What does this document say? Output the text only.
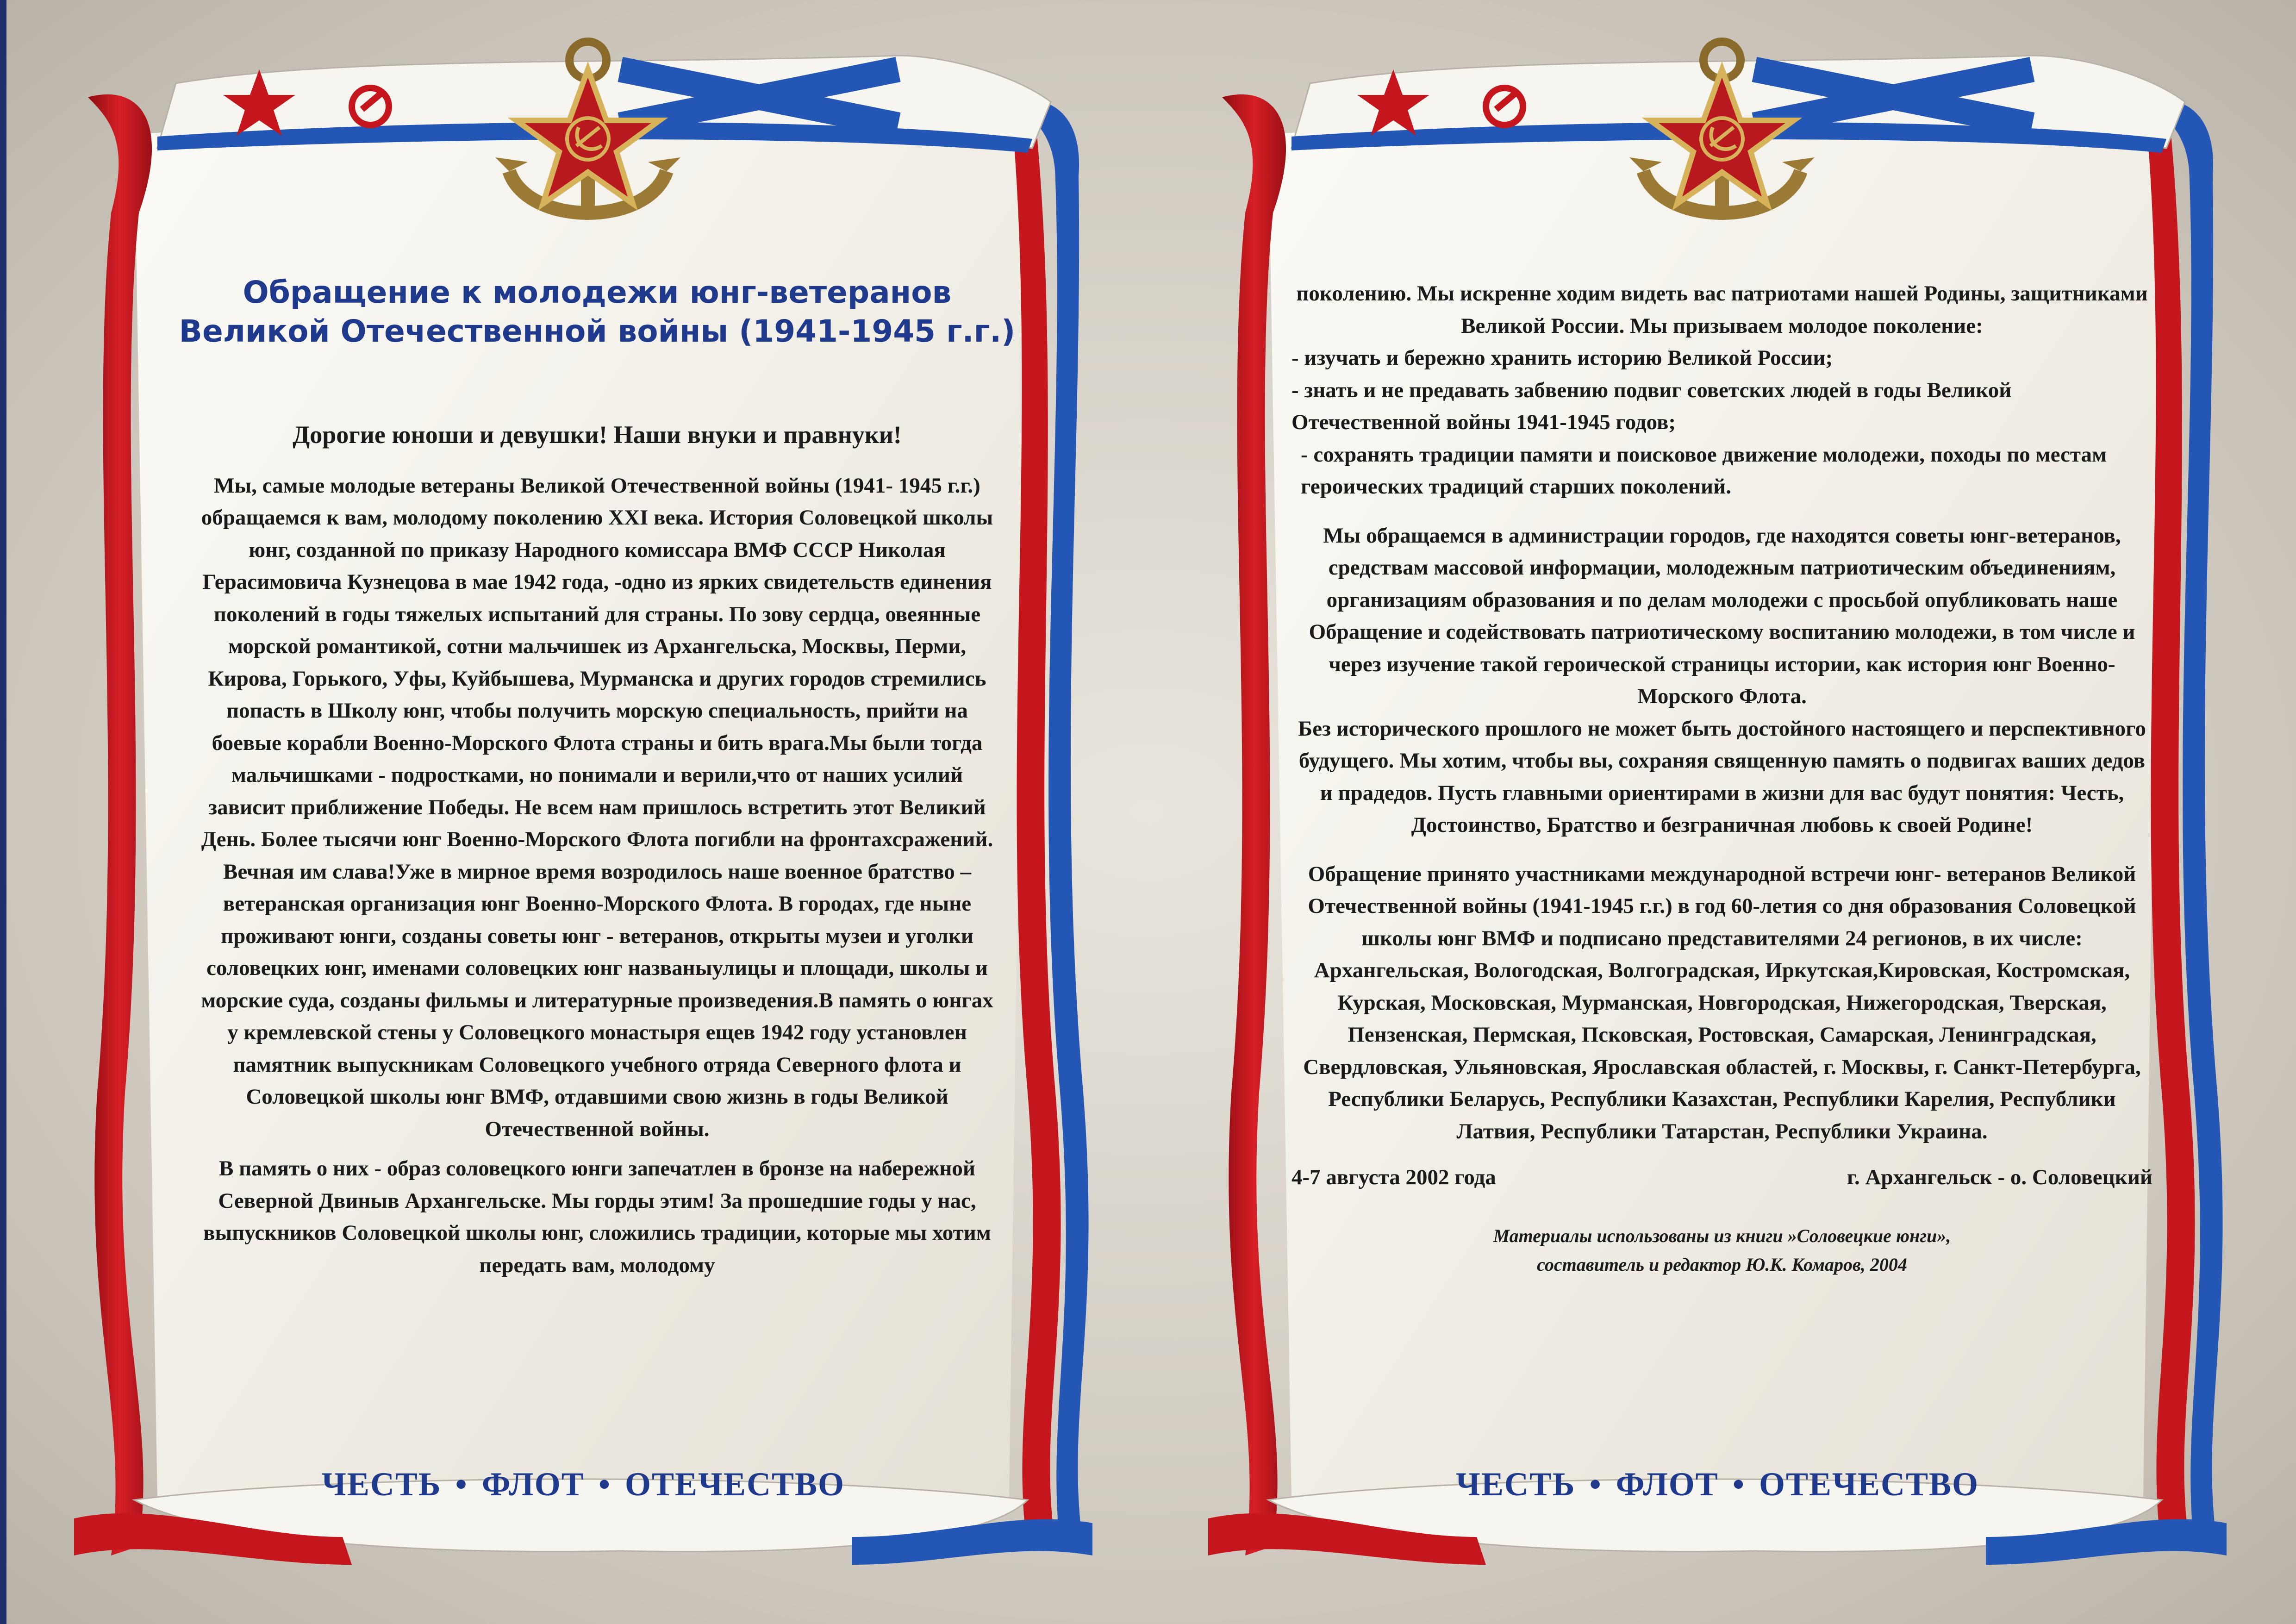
Обращение к молодежи юнг-ветеранов
Великой Отечественной войны (1941-1945 г.г.)

Дорогие юноши и девушки! Наши внуки и правнуки!

Мы, самые молодые ветераны Великой Отечественной войны (1941- 1945 г.г.) обращаемся к вам, молодому поколению XXI века. История Соловецкой школы юнг, созданной по приказу Народного комиссара ВМФ СССР Николая Герасимовича Кузнецова в мае 1942 года, -одно из ярких свидетельств единения поколений в годы тяжелых испытаний для страны. По зову сердца, овеянные морской романтикой, сотни мальчишек из Архангельска, Москвы, Перми, Кирова, Горького, Уфы, Куйбышева, Мурманска и других городов стремились попасть в Школу юнг, чтобы получить морскую специальность, прийти на боевые корабли Военно-Морского Флота страны и бить врага.Мы были тогда мальчишками - подростками, но понимали и верили,что от наших усилий зависит приближение Победы. Не всем нам пришлось встретить этот Великий День. Более тысячи юнг Военно-Морского Флота погибли на фронтахсражений. Вечная им слава!Уже в мирное время возродилось наше военное братство – ветеранская организация юнг Военно-Морского Флота. В городах, где ныне проживают юнги, созданы советы юнг - ветеранов, открыты музеи и уголки соловецких юнг, именами соловецких юнг названыулицы и площади, школы и морские суда, созданы фильмы и литературные произведения.В память о юнгах у кремлевской стены у Соловецкого монастыря ещев 1942 году установлен памятник выпускникам Соловецкого учебного отряда Северного флота и Соловецкой школы юнг ВМФ, отдавшими свою жизнь в годы Великой Отечественной войны.

В память о них - образ соловецкого юнги запечатлен в бронзе на набережной Северной Двиныв Архангельске. Мы горды этим! За прошедшие годы у нас, выпускников Соловецкой школы юнг, сложились традиции, которые мы хотим передать вам, молодому

ЧЕСТЬ • ФЛОТ • ОТЕЧЕСТВО

поколению. Мы искренне ходим видеть вас патриотами нашей Родины, защитниками Великой России. Мы призываем молодое поколение:

- изучать и бережно хранить историю Великой России;
- знать и не предавать забвению подвиг советских людей в годы Великой Отечественной войны 1941-1945 годов;
- сохранять традиции памяти и поисковое движение молодежи, походы по местам героических традиций старших поколений.

Мы обращаемся в администрации городов, где находятся советы юнг-ветеранов, средствам массовой информации, молодежным патриотическим объединениям, организациям образования и по делам молодежи с просьбой опубликовать наше Обращение и содействовать патриотическому воспитанию молодежи, в том числе и через изучение такой героической страницы истории, как история юнг Военно- Морского Флота.

Без исторического прошлого не может быть достойного настоящего и перспективного будущего. Мы хотим, чтобы вы, сохраняя священную память о подвигах ваших дедов и прадедов. Пусть главными ориентирами в жизни для вас будут понятия: Честь, Достоинство, Братство и безграничная любовь к своей Родине!

Обращение принято участниками международной встречи юнг- ветеранов Великой Отечественной войны (1941-1945 г.г.) в год 60-летия со дня образования Соловецкой школы юнг ВМФ и подписано представителями 24 регионов, в их числе: Архангельская, Вологодская, Волгоградская, Иркутская,Кировская, Костромская, Курская, Московская, Мурманская, Новгородская, Нижегородская, Тверская, Пензенская, Пермская, Псковская, Ростовская, Самарская, Ленинградская, Свердловская, Ульяновская, Ярославская областей, г. Москвы, г. Санкт-Петербурга, Республики Беларусь, Республики Казахстан, Республики Карелия, Республики Латвия, Республики Татарстан, Республики Украина.

4-7 августа 2002 года	г. Архангельск - о. Соловецкий
Материалы использованы из книги »Соловецкие юнги»,
составитель и редактор Ю.К. Комаров, 2004
ЧЕСТЬ • ФЛОТ • ОТЕЧЕСТВО
